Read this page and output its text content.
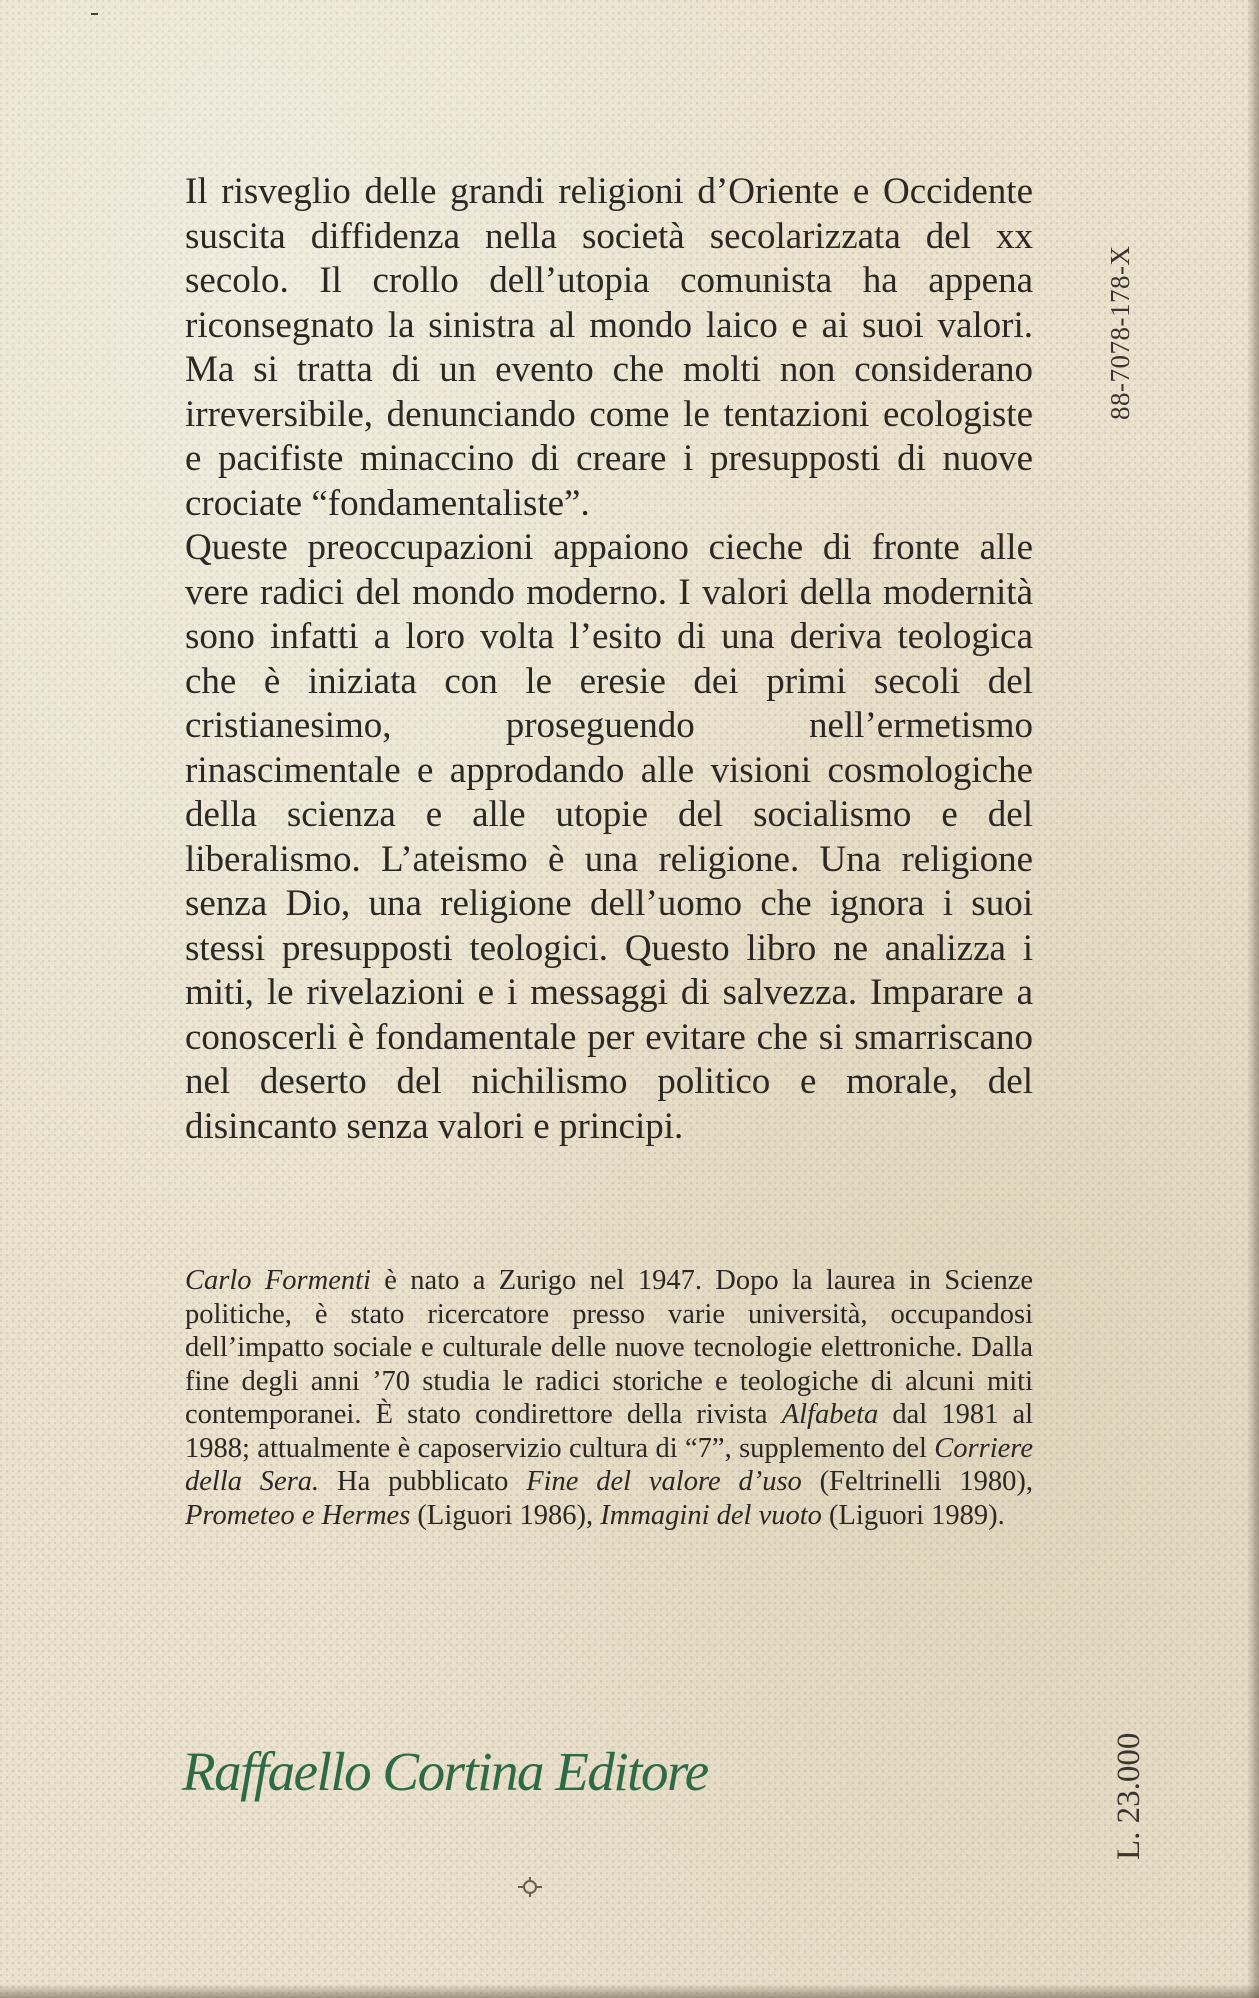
Il risveglio delle grandi religioni d’Oriente e Occidente suscita diffidenza nella società secolarizzata del xx secolo. Il crollo dell’utopia comunista ha appena riconsegnato la sinistra al mondo laico e ai suoi valori. Ma si tratta di un evento che molti non considerano irreversibile, denunciando come le tentazioni ecologiste e pacifiste minaccino di creare i presupposti di nuove crociate “fondamentaliste”.

Queste preoccupazioni appaiono cieche di fronte alle vere radici del mondo moderno. I valori della modernità sono infatti a loro volta l’esito di una deriva teologica che è iniziata con le eresie dei primi secoli del cristianesimo, proseguendo nell’ermetismo rinascimentale e approdando alle visioni cosmologiche della scienza e alle utopie del socialismo e del liberalismo. L’ateismo è una religione. Una religione senza Dio, una religione dell’uomo che ignora i suoi stessi presupposti teologici. Questo libro ne analizza i miti, le rivelazioni e i messaggi di salvezza. Imparare a conoscerli è fondamentale per evitare che si smarriscano nel deserto del nichilismo politico e morale, del disincanto senza valori e principi.

Carlo Formenti è nato a Zurigo nel 1947. Dopo la laurea in Scienze politiche, è stato ricercatore presso varie università, occupandosi dell’impatto sociale e culturale delle nuove tecnologie elettroniche. Dalla fine degli anni ’70 studia le radici storiche e teologiche di alcuni miti contemporanei. È stato condirettore della rivista Alfabeta dal 1981 al 1988; attualmente è caposervizio cultura di “7”, supplemento del Corriere della Sera. Ha pubblicato Fine del valore d’uso (Feltrinelli 1980), Prometeo e Hermes (Liguori 1986), Immagini del vuoto (Liguori 1989).

88-7078-178-X
L. 23.000
Raffaello Cortina Editore
